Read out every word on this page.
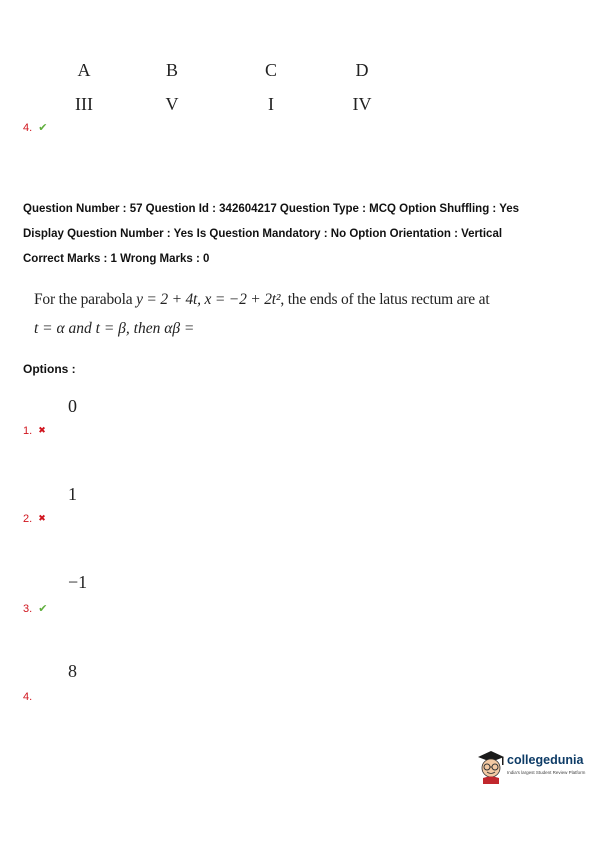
A	B	C	D
III	V	I	IV
4. ✔
Question Number : 57 Question Id : 342604217 Question Type : MCQ Option Shuffling : Yes
Display Question Number : Yes Is Question Mandatory : No Option Orientation : Vertical
Correct Marks : 1 Wrong Marks : 0
For the parabola y = 2 + 4t, x = −2 + 2t², the ends of the latus rectum are at
t = α and t = β, then αβ =
Options :
0
1. ✖
1
2. ✖
−1
3. ✔
8
4.
collegedunia
India's largest Student Review Platform
